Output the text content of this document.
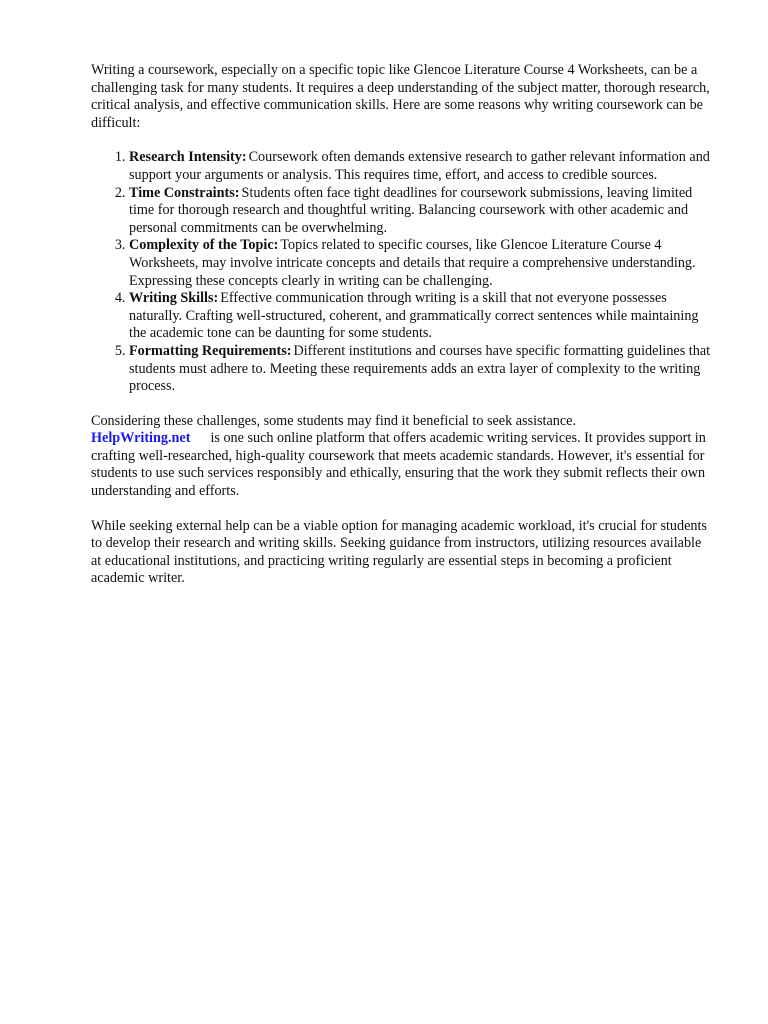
Writing a coursework, especially on a specific topic like Glencoe Literature Course 4 Worksheets, can be a challenging task for many students. It requires a deep understanding of the subject matter, thorough research, critical analysis, and effective communication skills. Here are some reasons why writing coursework can be difficult:

1. Research Intensity: Coursework often demands extensive research to gather relevant information and support your arguments or analysis. This requires time, effort, and access to credible sources.
2. Time Constraints: Students often face tight deadlines for coursework submissions, leaving limited time for thorough research and thoughtful writing. Balancing coursework with other academic and personal commitments can be overwhelming.
3. Complexity of the Topic: Topics related to specific courses, like Glencoe Literature Course 4 Worksheets, may involve intricate concepts and details that require a comprehensive understanding. Expressing these concepts clearly in writing can be challenging.
4. Writing Skills: Effective communication through writing is a skill that not everyone possesses naturally. Crafting well-structured, coherent, and grammatically correct sentences while maintaining the academic tone can be daunting for some students.
5. Formatting Requirements: Different institutions and courses have specific formatting guidelines that students must adhere to. Meeting these requirements adds an extra layer of complexity to the writing process.

Considering these challenges, some students may find it beneficial to seek assistance.
HelpWriting.net is one such online platform that offers academic writing services. It provides support in crafting well-researched, high-quality coursework that meets academic standards. However, it's essential for students to use such services responsibly and ethically, ensuring that the work they submit reflects their own understanding and efforts.

While seeking external help can be a viable option for managing academic workload, it's crucial for students to develop their research and writing skills. Seeking guidance from instructors, utilizing resources available at educational institutions, and practicing writing regularly are essential steps in becoming a proficient academic writer.
